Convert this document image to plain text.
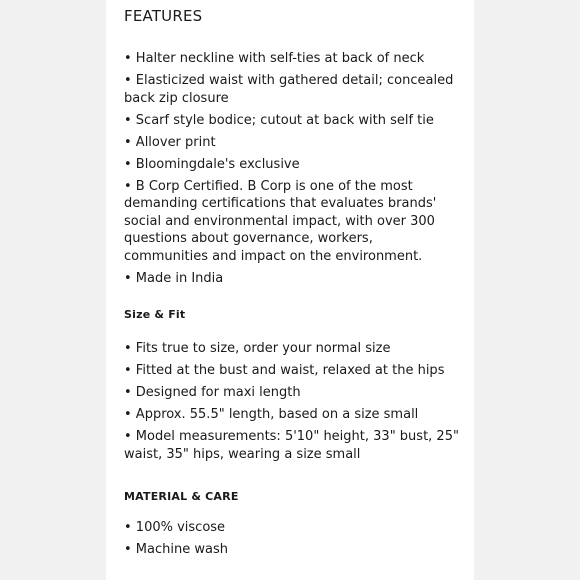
FEATURES
• Halter neckline with self-ties at back of neck
• Elasticized waist with gathered detail; concealed back zip closure
• Scarf style bodice; cutout at back with self tie
• Allover print
• Bloomingdale's exclusive
• B Corp Certified. B Corp is one of the most demanding certifications that evaluates brands' social and environmental impact, with over 300 questions about governance, workers, communities and impact on the environment.
• Made in India
Size & Fit
• Fits true to size, order your normal size
• Fitted at the bust and waist, relaxed at the hips
• Designed for maxi length
• Approx. 55.5" length, based on a size small
• Model measurements: 5'10" height, 33" bust, 25" waist, 35" hips, wearing a size small
MATERIAL & CARE
• 100% viscose
• Machine wash
